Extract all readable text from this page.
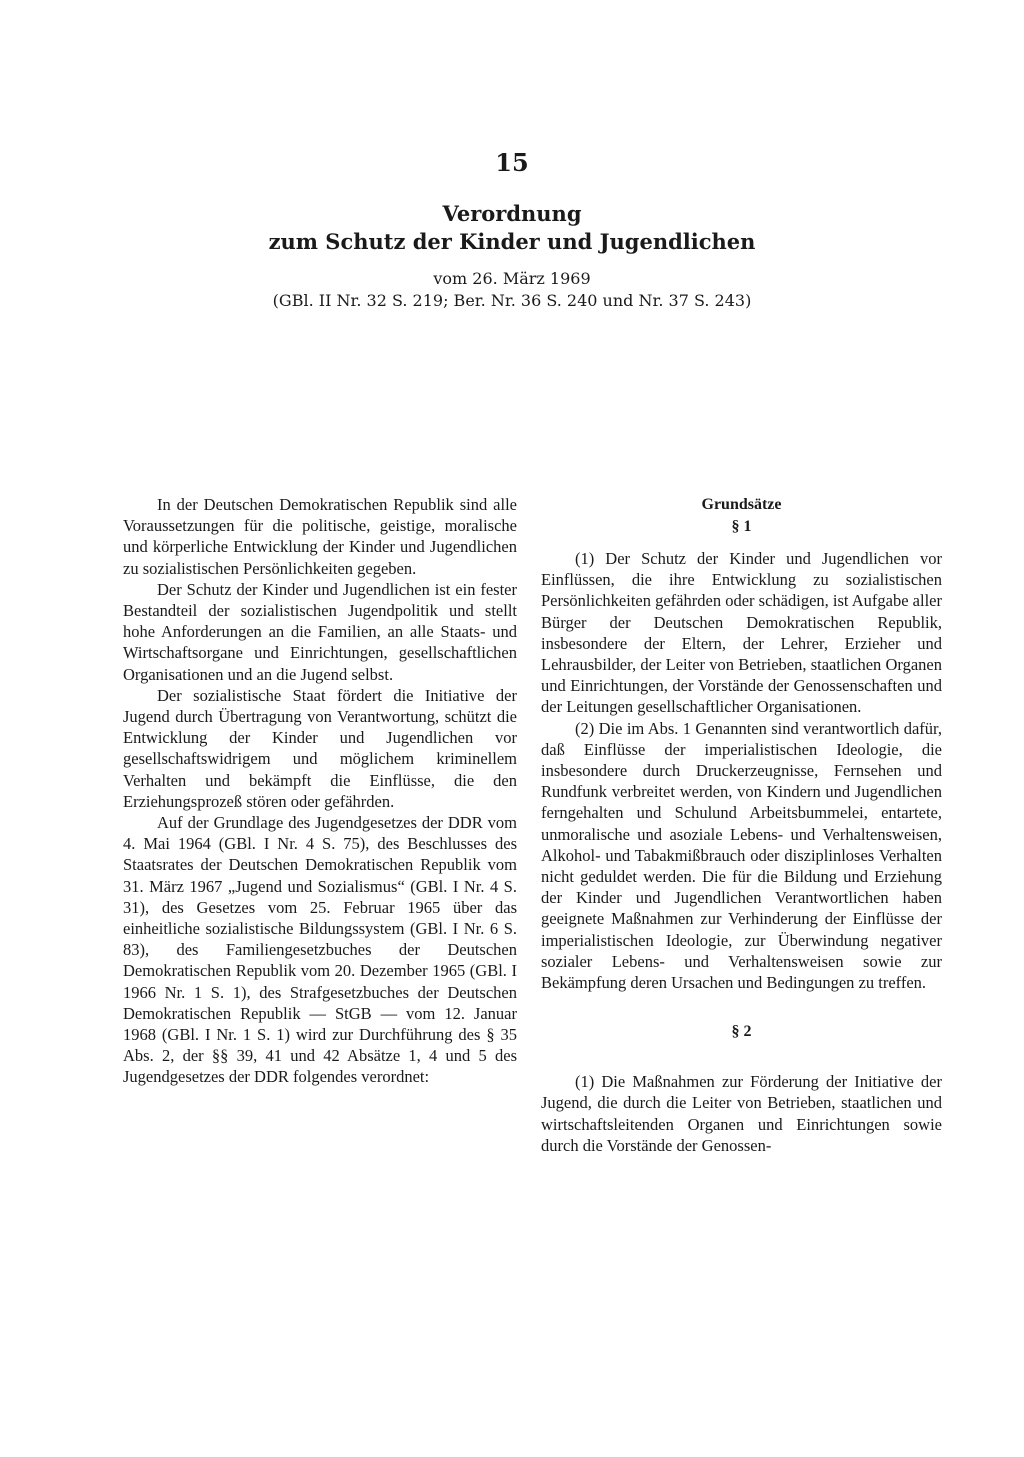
15
Verordnung
zum Schutz der Kinder und Jugendlichen
vom 26. März 1969
(GBl. II Nr. 32 S. 219; Ber. Nr. 36 S. 240 und Nr. 37 S. 243)

In der Deutschen Demokratischen Republik sind alle Voraussetzungen für die politische, geistige, moralische und körperliche Entwicklung der Kinder und Jugendlichen zu sozialistischen Persönlichkeiten gegeben.

Der Schutz der Kinder und Jugendlichen ist ein fester Bestandteil der sozialistischen Jugendpolitik und stellt hohe Anforderungen an die Familien, an alle Staats- und Wirtschaftsorgane und Einrichtungen, gesellschaftlichen Organisationen und an die Jugend selbst.

Der sozialistische Staat fördert die Initiative der Jugend durch Übertragung von Verantwortung, schützt die Entwicklung der Kinder und Jugendlichen vor gesellschaftswidrigem und möglichem kriminellem Verhalten und bekämpft die Einflüsse, die den Erziehungsprozeß stören oder gefährden.

Auf der Grundlage des Jugendgesetzes der DDR vom 4. Mai 1964 (GBl. I Nr. 4 S. 75), des Beschlusses des Staatsrates der Deutschen Demokratischen Republik vom 31. März 1967 „Jugend und Sozialismus“ (GBl. I Nr. 4 S. 31), des Gesetzes vom 25. Februar 1965 über das einheitliche sozialistische Bildungssystem (GBl. I Nr. 6 S. 83), des Familiengesetzbuches der Deutschen Demokratischen Republik vom 20. Dezember 1965 (GBl. I 1966 Nr. 1 S. 1), des Strafgesetzbuches der Deutschen Demokratischen Republik — StGB — vom 12. Januar 1968 (GBl. I Nr. 1 S. 1) wird zur Durchführung des § 35 Abs. 2, der §§ 39, 41 und 42 Absätze 1, 4 und 5 des Jugendgesetzes der DDR folgendes verordnet:

Grundsätze
§ 1

(1) Der Schutz der Kinder und Jugendlichen vor Einflüssen, die ihre Entwicklung zu sozialistischen Persönlichkeiten gefährden oder schädigen, ist Aufgabe aller Bürger der Deutschen Demokratischen Republik, insbesondere der Eltern, der Lehrer, Erzieher und Lehrausbilder, der Leiter von Betrieben, staatlichen Organen und Einrichtungen, der Vorstände der Genossenschaften und der Leitungen gesellschaftlicher Organisationen.

(2) Die im Abs. 1 Genannten sind verantwortlich dafür, daß Einflüsse der imperialistischen Ideologie, die insbesondere durch Druckerzeugnisse, Fernsehen und Rundfunk verbreitet werden, von Kindern und Jugendlichen ferngehalten und Schulund Arbeitsbummelei, entartete, unmoralische und asoziale Lebens- und Verhaltensweisen, Alkohol- und Tabakmißbrauch oder disziplinloses Verhalten nicht geduldet werden. Die für die Bildung und Erziehung der Kinder und Jugendlichen Verantwortlichen haben geeignete Maßnahmen zur Verhinderung der Einflüsse der imperialistischen Ideologie, zur Überwindung negativer sozialer Lebens- und Verhaltensweisen sowie zur Bekämpfung deren Ursachen und Bedingungen zu treffen.

§ 2

(1) Die Maßnahmen zur Förderung der Initiative der Jugend, die durch die Leiter von Betrieben, staatlichen und wirtschaftsleitenden Organen und Einrichtungen sowie durch die Vorstände der Genossen-
